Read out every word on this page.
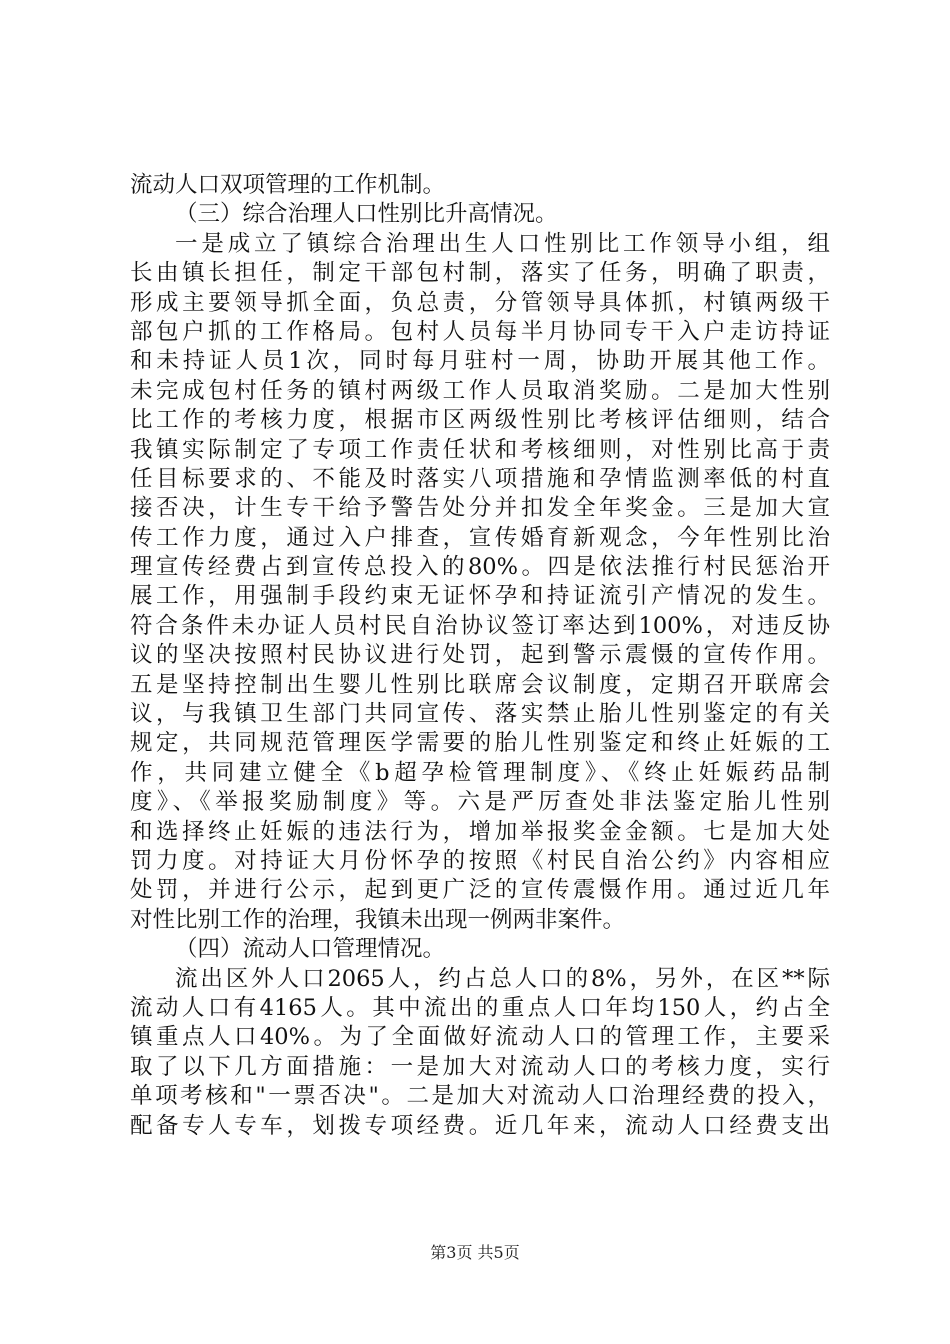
流动人口双项管理的工作机制。
（三）综合治理人口性别比升高情况。
一是成立了镇综合治理出生人口性别比工作领导小组，组
长由镇长担任，制定干部包村制，落实了任务，明确了职责，
形成主要领导抓全面，负总责，分管领导具体抓，村镇两级干
部包户抓的工作格局。包村人员每半月协同专干入户走访持证
和未持证人员1次，同时每月驻村一周，协助开展其他工作。
未完成包村任务的镇村两级工作人员取消奖励。二是加大性别
比工作的考核力度，根据市区两级性别比考核评估细则，结合
我镇实际制定了专项工作责任状和考核细则，对性别比高于责
任目标要求的、不能及时落实八项措施和孕情监测率低的村直
接否决，计生专干给予警告处分并扣发全年奖金。三是加大宣
传工作力度，通过入户排查，宣传婚育新观念，今年性别比治
理宣传经费占到宣传总投入的80%。四是依法推行村民惩治开
展工作，用强制手段约束无证怀孕和持证流引产情况的发生。
符合条件未办证人员村民自治协议签订率达到100%，对违反协
议的坚决按照村民协议进行处罚，起到警示震慑的宣传作用。
五是坚持控制出生婴儿性别比联席会议制度，定期召开联席会
议，与我镇卫生部门共同宣传、落实禁止胎儿性别鉴定的有关
规定，共同规范管理医学需要的胎儿性别鉴定和终止妊娠的工
作，共同建立健全《b超孕检管理制度》、《终止妊娠药品制
度》、《举报奖励制度》等。六是严厉查处非法鉴定胎儿性别
和选择终止妊娠的违法行为，增加举报奖金金额。七是加大处
罚力度。对持证大月份怀孕的按照《村民自治公约》内容相应
处罚，并进行公示，起到更广泛的宣传震慑作用。通过近几年
对性比别工作的治理，我镇未出现一例两非案件。
（四）流动人口管理情况。
流出区外人口2065人，约占总人口的8%，另外，在区**际
流动人口有4165人。其中流出的重点人口年均150人，约占全
镇重点人口40%。为了全面做好流动人口的管理工作，主要采
取了以下几方面措施：一是加大对流动人口的考核力度，实行
单项考核和"一票否决"。二是加大对流动人口治理经费的投入，
配备专人专车，划拨专项经费。近几年来，流动人口经费支出
第3页 共5页
